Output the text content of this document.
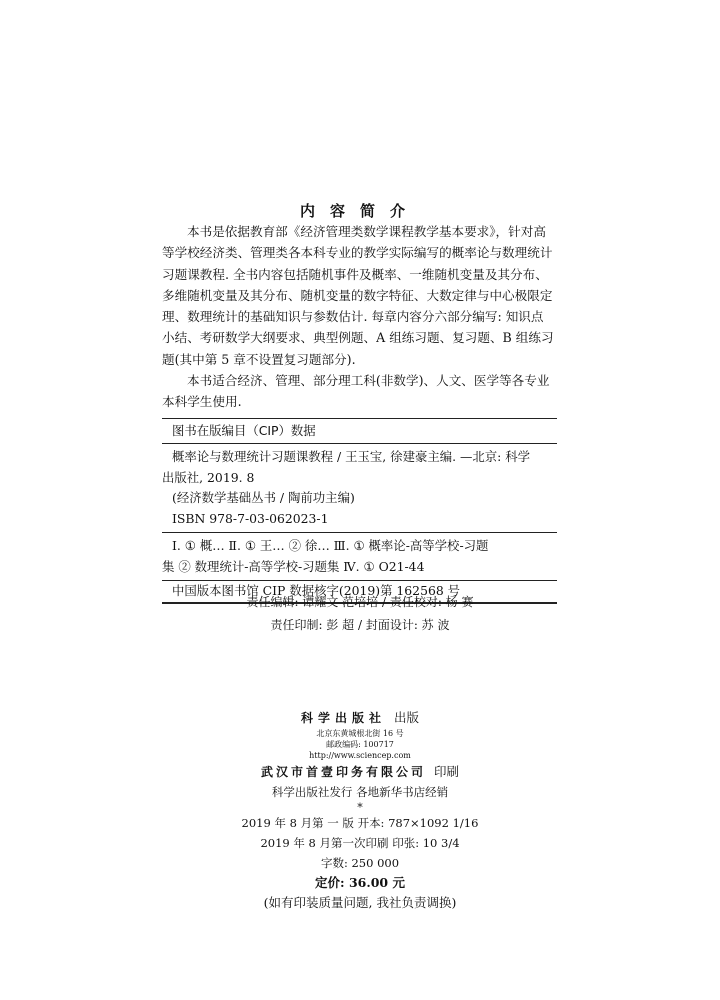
内容简介

本书是依据教育部《经济管理类数学课程教学基本要求》，针对高
等学校经济类、管理类各本科专业的教学实际编写的概率论与数理统计
习题课教程. 全书内容包括随机事件及概率、一维随机变量及其分布、
多维随机变量及其分布、随机变量的数字特征、大数定律与中心极限定
理、数理统计的基础知识与参数估计. 每章内容分六部分编写: 知识点
小结、考研数学大纲要求、典型例题、A 组练习题、复习题、B 组练习
题(其中第 5 章不设置复习题部分).

本书适合经济、管理、部分理工科(非数学)、人文、医学等各专业
本科学生使用.

图书在版编目（CIP）数据
概率论与数理统计习题课教程 / 王玉宝, 徐建豪主编. —北京: 科学
出版社, 2019. 8
(经济数学基础丛书 / 陶前功主编)
ISBN 978-7-03-062023-1
Ⅰ. ① 概… Ⅱ. ① 王… ② 徐… Ⅲ. ① 概率论-高等学校-习题
集 ② 数理统计-高等学校-习题集 Ⅳ. ① O21-44
中国版本图书馆 CIP 数据核字(2019)第 162568 号
责任编辑: 谭耀文 范培培 / 责任校对: 杨 赛
责任印制: 彭 超 / 封面设计: 苏 波
科学出版社 出版
北京东黄城根北街 16 号
邮政编码: 100717
http://www.sciencep.com
武汉市首壹印务有限公司 印刷
科学出版社发行 各地新华书店经销
*
2019 年 8 月第 一 版 开本: 787×1092 1/16
2019 年 8 月第一次印刷 印张: 10 3/4
字数: 250 000
定价: 36.00 元
(如有印装质量问题, 我社负责调换)
